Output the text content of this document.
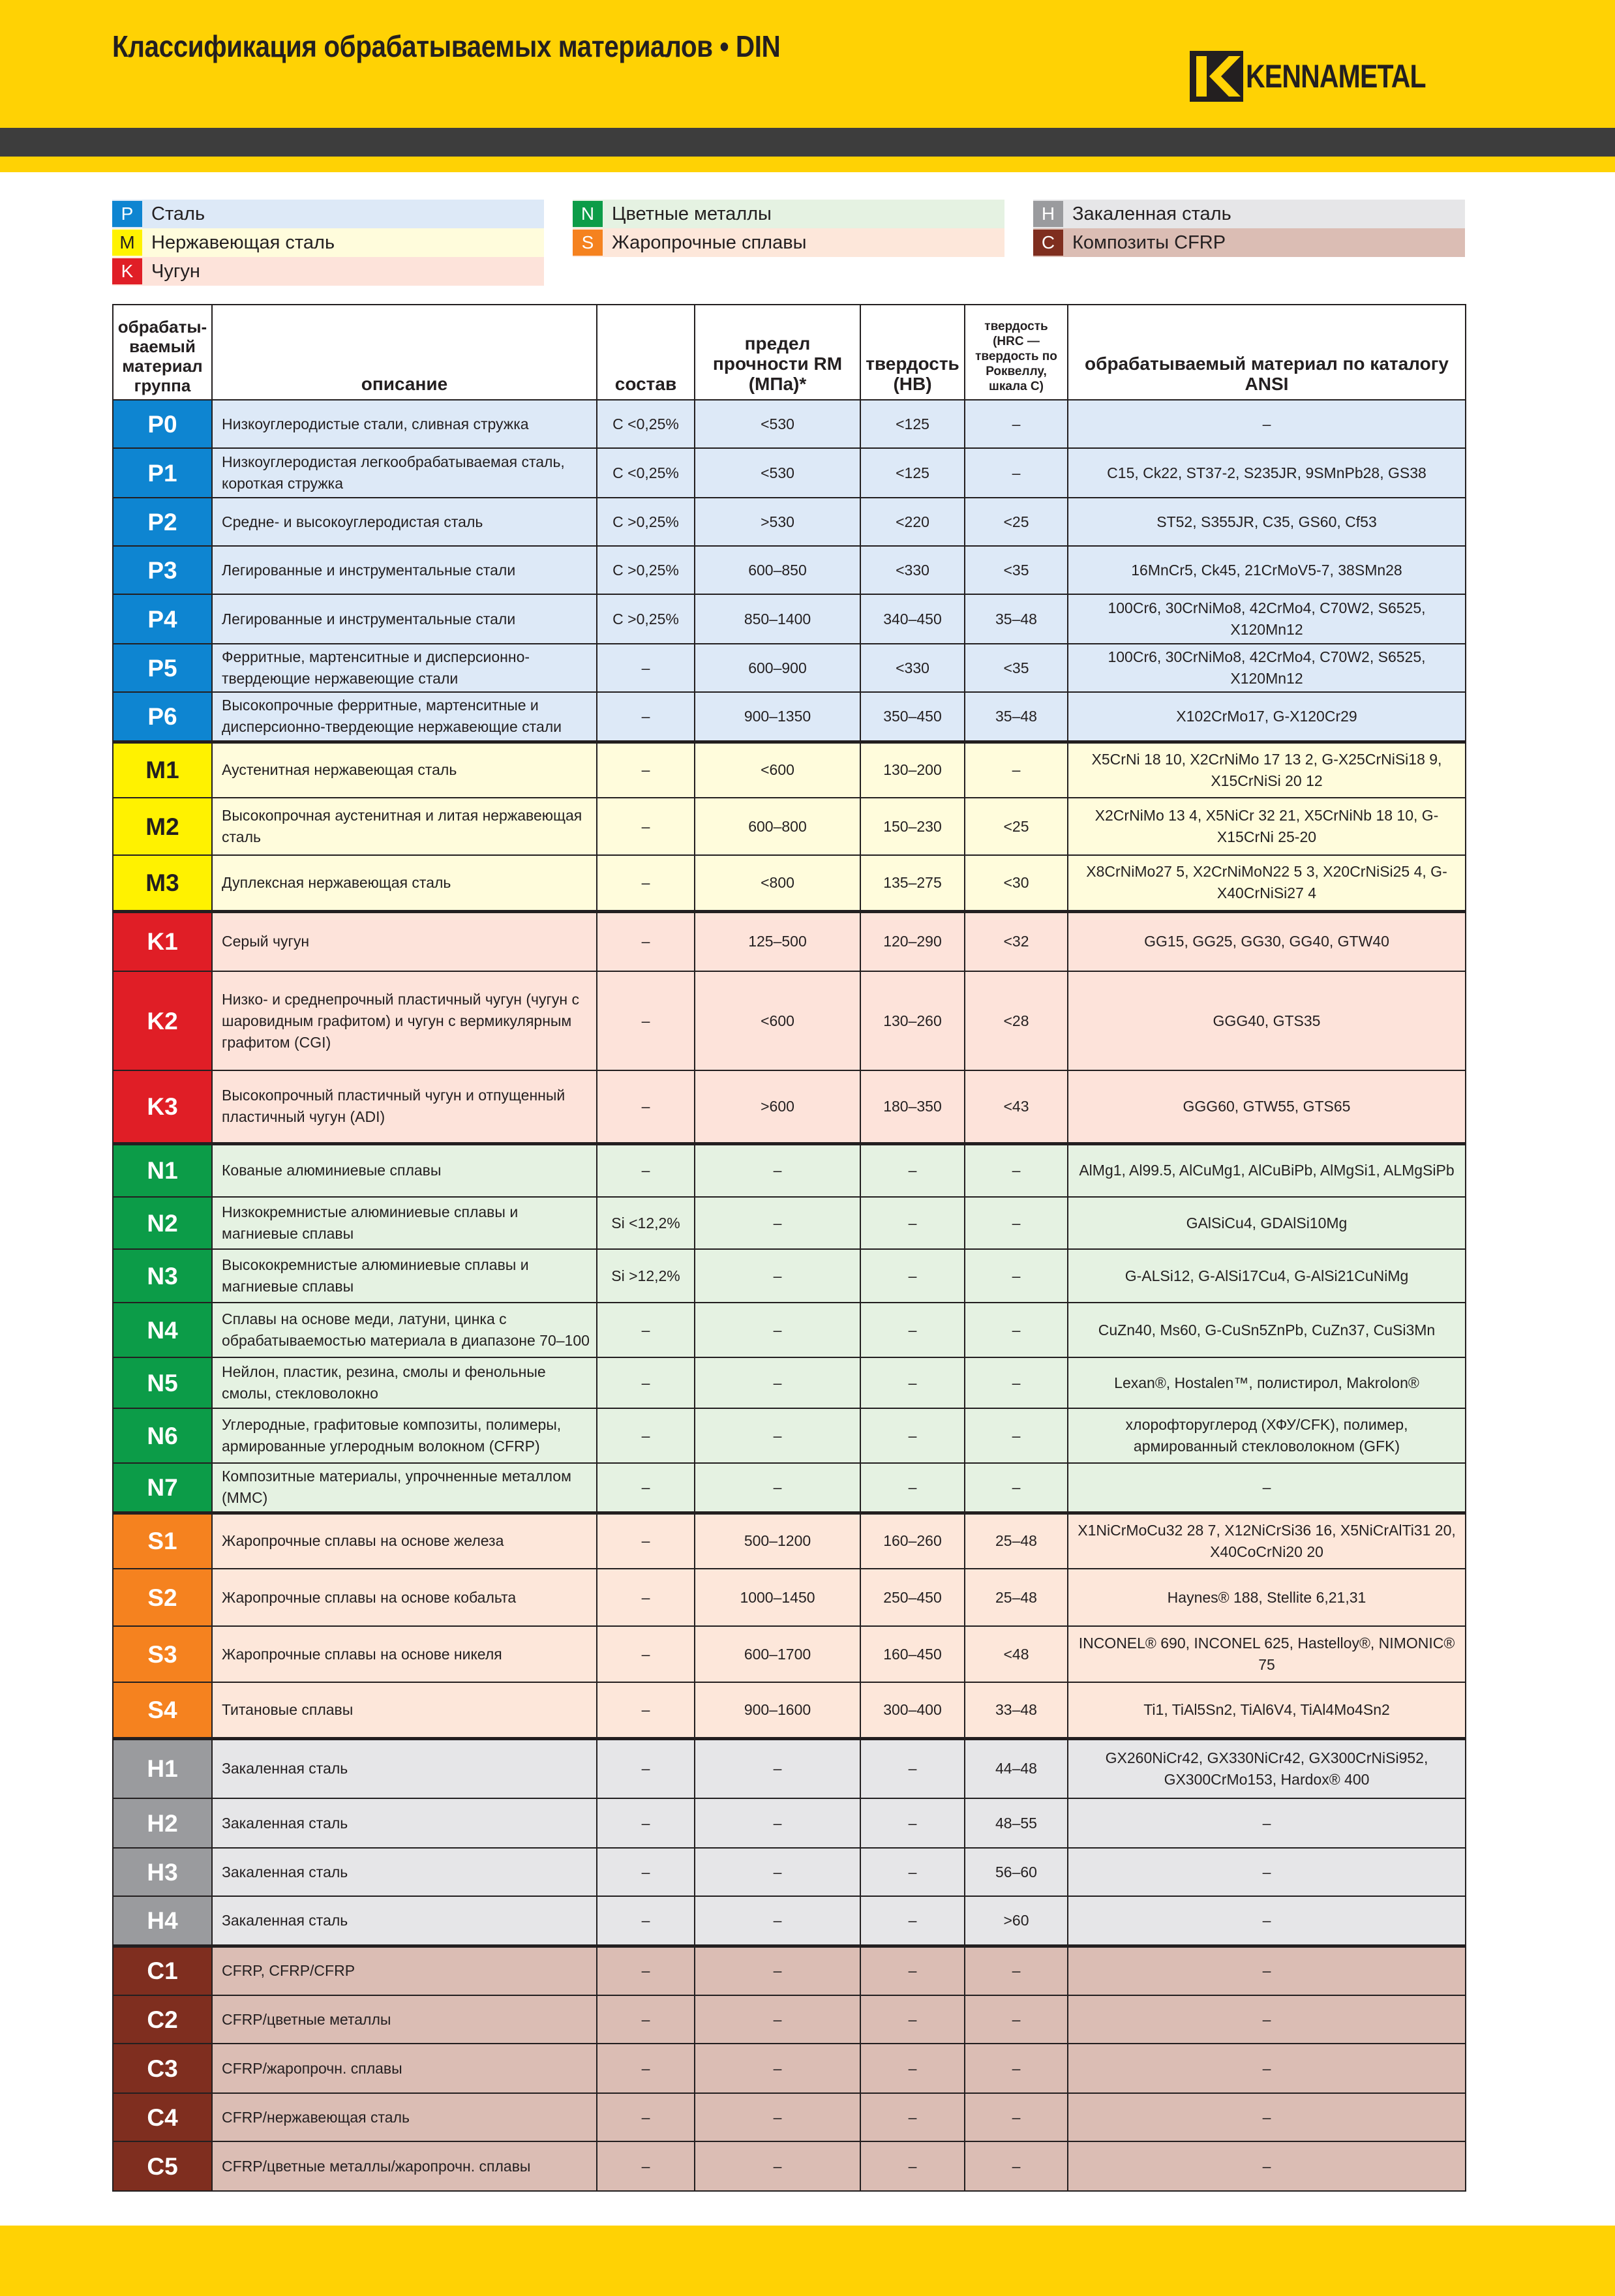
Классификация обрабатываемых материалов • DIN
KENNAMETAL
P Сталь
M Нержавеющая сталь
K Чугун
N Цветные металлы
S Жаропрочные сплавы
H Закаленная сталь
C Композиты CFRP
обрабаты-ваемый материал группа	описание	состав	предел прочности RM (МПа)*	твердость (HB)	твердость (HRC — твердость по Роквеллу, шкала C)	обрабатываемый материал по каталогу ANSI
P0	Низкоуглеродистые стали, сливная стружка	C <0,25%	<530	<125	–	–
P1	Низкоуглеродистая легкообрабатываемая сталь, короткая стружка	C <0,25%	<530	<125	–	C15, Ck22, ST37-2, S235JR, 9SMnPb28, GS38
P2	Средне- и высокоуглеродистая сталь	C >0,25%	>530	<220	<25	ST52, S355JR, C35, GS60, Cf53
P3	Легированные и инструментальные стали	C >0,25%	600–850	<330	<35	16MnCr5, Ck45, 21CrMoV5-7, 38SMn28
P4	Легированные и инструментальные стали	C >0,25%	850–1400	340–450	35–48	100Cr6, 30CrNiMo8, 42CrMo4, C70W2, S6525, X120Mn12
P5	Ферритные, мартенситные и дисперсионно-твердеющие нержавеющие стали	–	600–900	<330	<35	100Cr6, 30CrNiMo8, 42CrMo4, C70W2, S6525, X120Mn12
P6	Высокопрочные ферритные, мартенситные и дисперсионно-твердеющие нержавеющие стали	–	900–1350	350–450	35–48	X102CrMo17, G-X120Cr29
M1	Аустенитная нержавеющая сталь	–	<600	130–200	–	X5CrNi 18 10, X2CrNiMo 17 13 2, G-X25CrNiSi18 9, X15CrNiSi 20 12
M2	Высокопрочная аустенитная и литая нержавеющая сталь	–	600–800	150–230	<25	X2CrNiMo 13 4, X5NiCr 32 21, X5CrNiNb 18 10, G-X15CrNi 25-20
M3	Дуплексная нержавеющая сталь	–	<800	135–275	<30	X8CrNiMo27 5, X2CrNiMoN22 5 3, X20CrNiSi25 4, G-X40CrNiSi27 4
K1	Серый чугун	–	125–500	120–290	<32	GG15, GG25, GG30, GG40, GTW40
K2	Низко- и среднепрочный пластичный чугун (чугун с шаровидным графитом) и чугун с вермикулярным графитом (CGI)	–	<600	130–260	<28	GGG40, GTS35
K3	Высокопрочный пластичный чугун и отпущенный пластичный чугун (ADI)	–	>600	180–350	<43	GGG60, GTW55, GTS65
N1	Кованые алюминиевые сплавы	–	–	–	–	AlMg1, Al99.5, AlCuMg1, AlCuBiPb, AlMgSi1, ALMgSiPb
N2	Низкокремнистые алюминиевые сплавы и магниевые сплавы	Si <12,2%	–	–	–	GAlSiCu4, GDAlSi10Mg
N3	Высококремнистые алюминиевые сплавы и магниевые сплавы	Si >12,2%	–	–	–	G-ALSi12, G-AlSi17Cu4, G-AlSi21CuNiMg
N4	Сплавы на основе меди, латуни, цинка с обрабатываемостью материала в диапазоне 70–100	–	–	–	–	CuZn40, Ms60, G-CuSn5ZnPb, CuZn37, CuSi3Mn
N5	Нейлон, пластик, резина, смолы и фенольные смолы, стекловолокно	–	–	–	–	Lexan®, Hostalen™, полистирол, Makrolon®
N6	Углеродные, графитовые композиты, полимеры, армированные углеродным волокном (CFRP)	–	–	–	–	хлорофторуглерод (ХФУ/CFK), полимер, армированный стекловолокном (GFK)
N7	Композитные материалы, упрочненные металлом (MMC)	–	–	–	–	–
S1	Жаропрочные сплавы на основе железа	–	500–1200	160–260	25–48	X1NiCrMoCu32 28 7, X12NiCrSi36 16, X5NiCrAlTi31 20, X40CoCrNi20 20
S2	Жаропрочные сплавы на основе кобальта	–	1000–1450	250–450	25–48	Haynes® 188, Stellite 6,21,31
S3	Жаропрочные сплавы на основе никеля	–	600–1700	160–450	<48	INCONEL® 690, INCONEL 625, Hastelloy®, NIMONIC® 75
S4	Титановые сплавы	–	900–1600	300–400	33–48	Ti1, TiAl5Sn2, TiAl6V4, TiAl4Mo4Sn2
H1	Закаленная сталь	–	–	–	44–48	GX260NiCr42, GX330NiCr42, GX300CrNiSi952, GX300CrMo153, Hardox® 400
H2	Закаленная сталь	–	–	–	48–55	–
H3	Закаленная сталь	–	–	–	56–60	–
H4	Закаленная сталь	–	–	–	>60	–
C1	CFRP, CFRP/CFRP	–	–	–	–	–
C2	CFRP/цветные металлы	–	–	–	–	–
C3	CFRP/жаропрочн. сплавы	–	–	–	–	–
C4	CFRP/нержавеющая сталь	–	–	–	–	–
C5	CFRP/цветные металлы/жаропрочн. сплавы	–	–	–	–	–
